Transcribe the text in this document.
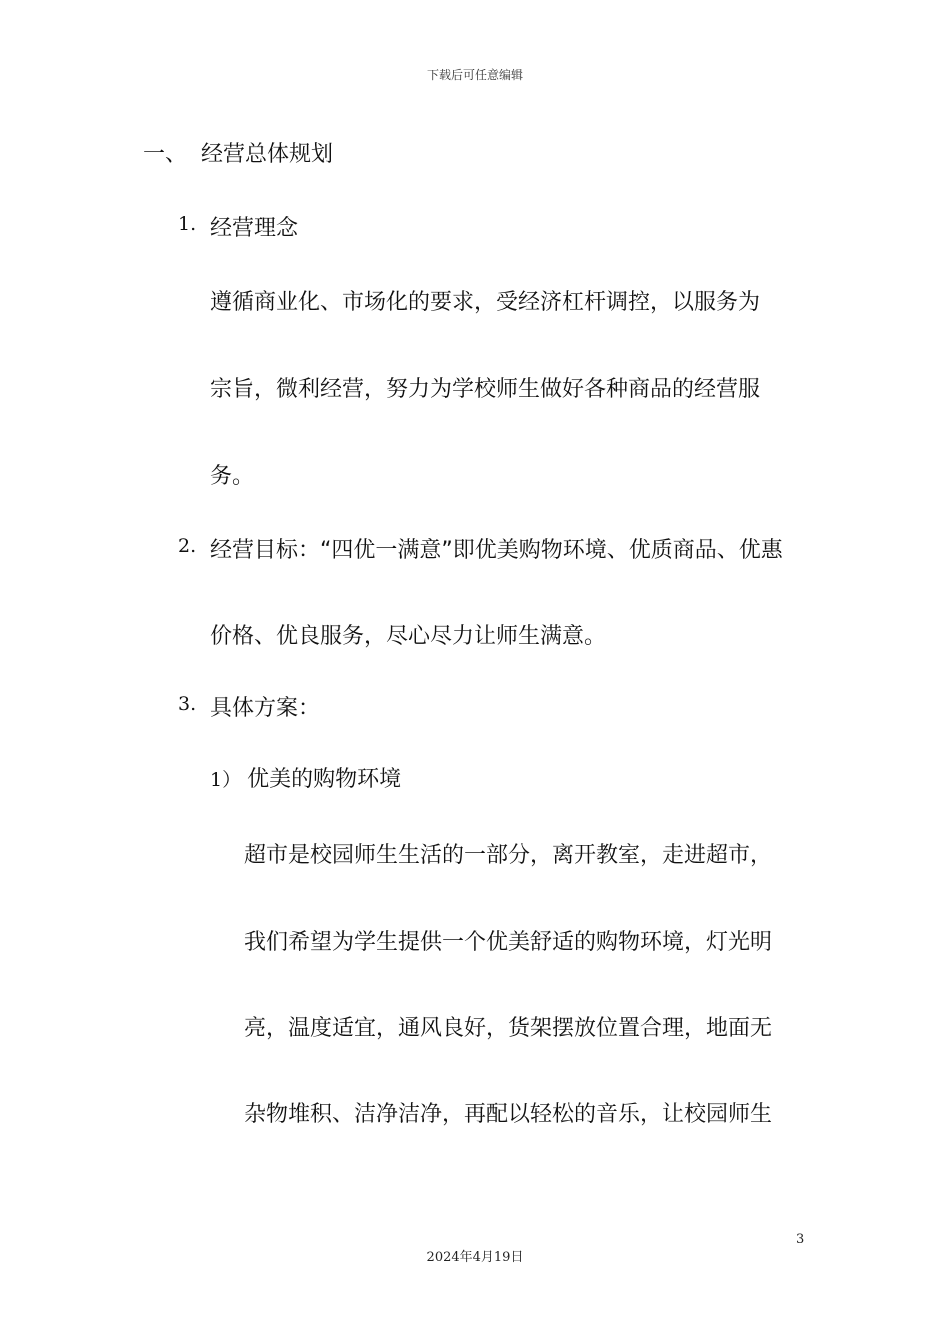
下载后可任意编辑
一、 经营总体规划
1. 经营理念
遵循商业化、市场化的要求，受经济杠杆调控，以服务为
宗旨，微利经营，努力为学校师生做好各种商品的经营服
务。
2. 经营目标：“四优一满意”即优美购物环境、优质商品、优惠
价格、优良服务，尽心尽力让师生满意。
3. 具体方案：
1） 优美的购物环境
超市是校园师生生活的一部分，离开教室，走进超市，
我们希望为学生提供一个优美舒适的购物环境，灯光明
亮，温度适宜，通风良好，货架摆放位置合理，地面无
杂物堆积、洁净洁净，再配以轻松的音乐，让校园师生
3
2024年4月19日
